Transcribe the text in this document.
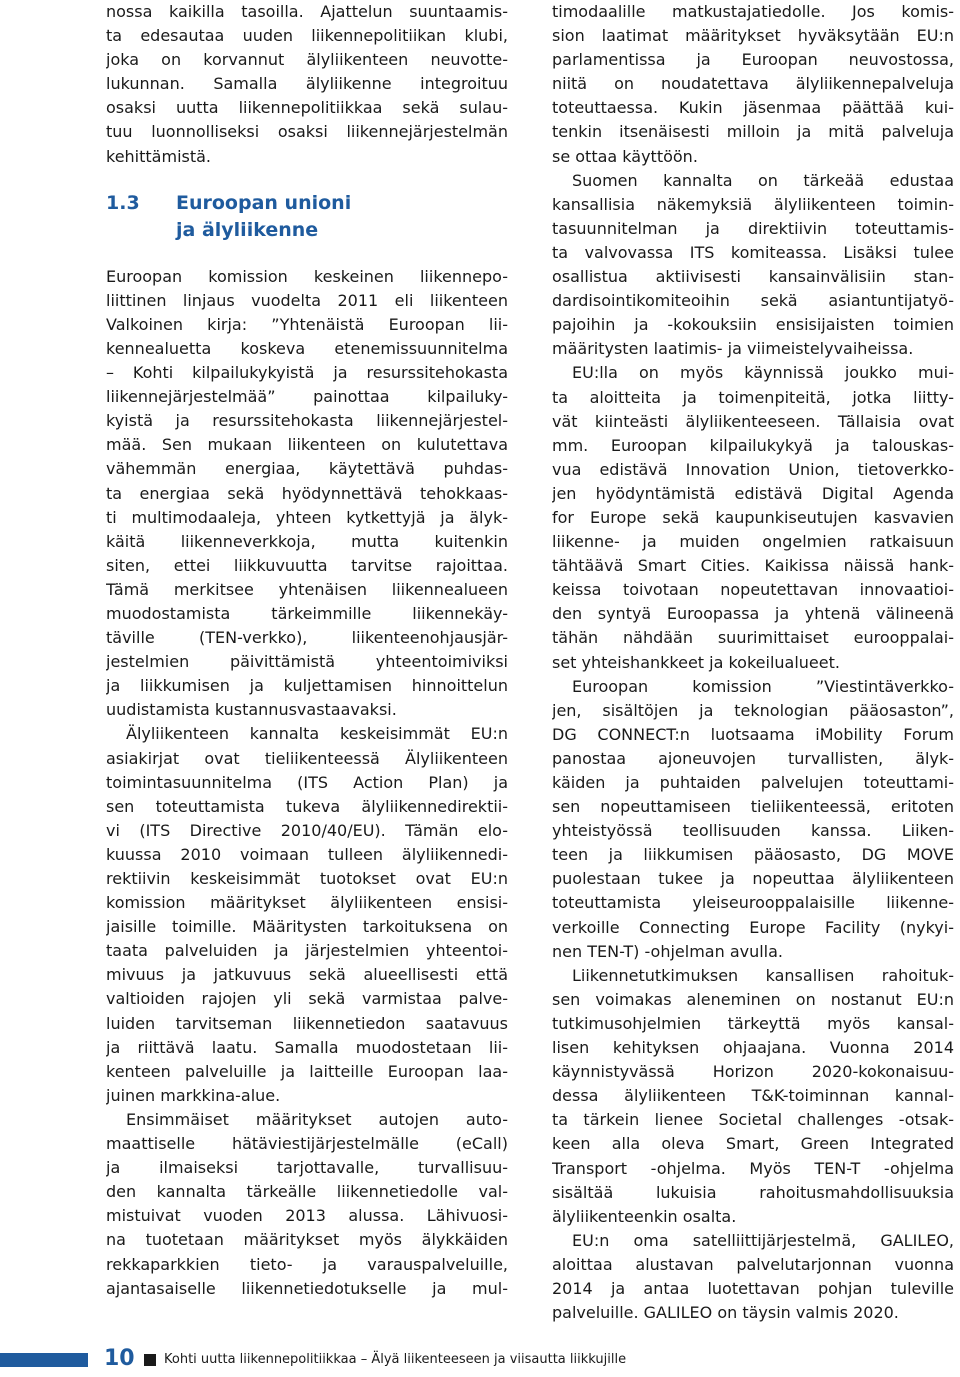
nossa kaikilla tasoilla. Ajattelun suuntaamis-
ta edesautaa uuden liikennepolitiikan klubi,
joka on korvannut älyliikenteen neuvotte-
lukunnan. Samalla älyliikenne integroituu
osaksi uutta liikennepolitiikkaa sekä sulau-
tuu luonnolliseksi osaksi liikennejärjestelmän
kehittämistä.
1.3 Euroopan unioni
ja älyliikenne
Euroopan komission keskeinen liikennepo-
liittinen linjaus vuodelta 2011 eli liikenteen
Valkoinen kirja: ”Yhtenäistä Euroopan lii-
kennealuetta koskeva etenemissuunnitelma
– Kohti kilpailukykyistä ja resurssitehokasta
liikennejärjestelmää” painottaa kilpailuky-
kyistä ja resurssitehokasta liikennejärjestel-
mää. Sen mukaan liikenteen on kulutettava
vähemmän energiaa, käytettävä puhdas-
ta energiaa sekä hyödynnettävä tehokkaas-
ti multimodaaleja, yhteen kytkettyjä ja älyk-
käitä liikenneverkkoja, mutta kuitenkin
siten, ettei liikkuvuutta tarvitse rajoittaa.
Tämä merkitsee yhtenäisen liikennealueen
muodostamista tärkeimmille liikennekäy-
täville (TEN-verkko), liikenteenohjausjär-
jestelmien päivittämistä yhteentoimiviksi
ja liikkumisen ja kuljettamisen hinnoittelun
uudistamista kustannusvastaavaksi.
Älyliikenteen kannalta keskeisimmät EU:n
asiakirjat ovat tieliikenteessä Älyliikenteen
toimintasuunnitelma (ITS Action Plan) ja
sen toteuttamista tukeva älyliikennedirektii-
vi (ITS Directive 2010/40/EU). Tämän elo-
kuussa 2010 voimaan tulleen älyliikennedi-
rektiivin keskeisimmät tuotokset ovat EU:n
komission määritykset älyliikenteen ensisi-
jaisille toimille. Määritysten tarkoituksena on
taata palveluiden ja järjestelmien yhteentoi-
mivuus ja jatkuvuus sekä alueellisesti että
valtioiden rajojen yli sekä varmistaa palve-
luiden tarvitseman liikennetiedon saatavuus
ja riittävä laatu. Samalla muodostetaan lii-
kenteen palveluille ja laitteille Euroopan laa-
juinen markkina-alue.
Ensimmäiset määritykset autojen auto-
maattiselle hätäviestijärjestelmälle (eCall)
ja ilmaiseksi tarjottavalle, turvallisuu-
den kannalta tärkeälle liikennetiedolle val-
mistuivat vuoden 2013 alussa. Lähivuosi-
na tuotetaan määritykset myös älykkäiden
rekkaparkkien tieto- ja varauspalveluille,
ajantasaiselle liikennetiedotukselle ja mul-
timodaalille matkustajatiedolle. Jos komis-
sion laatimat määritykset hyväksytään EU:n
parlamentissa ja Euroopan neuvostossa,
niitä on noudatettava älyliikennepalveluja
toteuttaessa. Kukin jäsenmaa päättää kui-
tenkin itsenäisesti milloin ja mitä palveluja
se ottaa käyttöön.
Suomen kannalta on tärkeää edustaa
kansallisia näkemyksiä älyliikenteen toimin-
tasuunnitelman ja direktiivin toteuttamis-
ta valvovassa ITS komiteassa. Lisäksi tulee
osallistua aktiivisesti kansainvälisiin stan-
dardisointikomiteoihin sekä asiantuntijatyö-
pajoihin ja -kokouksiin ensisijaisten toimien
määritysten laatimis- ja viimeistelyvaiheissa.
EU:lla on myös käynnissä joukko mui-
ta aloitteita ja toimenpiteitä, jotka liitty-
vät kiinteästi älyliikenteeseen. Tällaisia ovat
mm. Euroopan kilpailukykyä ja talouskas-
vua edistävä Innovation Union, tietoverkko-
jen hyödyntämistä edistävä Digital Agenda
for Europe sekä kaupunkiseutujen kasvavien
liikenne- ja muiden ongelmien ratkaisuun
tähtäävä Smart Cities. Kaikissa näissä hank-
keissa toivotaan nopeutettavan innovaatioi-
den syntyä Euroopassa ja yhtenä välineenä
tähän nähdään suurimittaiset eurooppalai-
set yhteishankkeet ja kokeilualueet.
Euroopan komission ”Viestintäverkko-
jen, sisältöjen ja teknologian pääosaston”,
DG CONNECT:n luotsaama iMobility Forum
panostaa ajoneuvojen turvallisten, älyk-
käiden ja puhtaiden palvelujen toteuttami-
sen nopeuttamiseen tieliikenteessä, eritoten
yhteistyössä teollisuuden kanssa. Liiken-
teen ja liikkumisen pääosasto, DG MOVE
puolestaan tukee ja nopeuttaa älyliikenteen
toteuttamista yleiseurooppalaisille liikenne-
verkoille Connecting Europe Facility (nykyi-
nen TEN-T) -ohjelman avulla.
Liikennetutkimuksen kansallisen rahoituk-
sen voimakas aleneminen on nostanut EU:n
tutkimusohjelmien tärkeyttä myös kansal-
lisen kehityksen ohjaajana. Vuonna 2014
käynnistyvässä Horizon 2020-kokonaisuu-
dessa älyliikenteen T&K-toiminnan kannal-
ta tärkein lienee Societal challenges -otsak-
keen alla oleva Smart, Green Integrated
Transport -ohjelma. Myös TEN-T -ohjelma
sisältää lukuisia rahoitusmahdollisuuksia
älyliikenteenkin osalta.
EU:n oma satelliittijärjestelmä, GALILEO,
aloittaa alustavan palvelutarjonnan vuonna
2014 ja antaa luotettavan pohjan tuleville
palveluille. GALILEO on täysin valmis 2020.
10 Kohti uutta liikennepolitiikkaa – Älyä liikenteeseen ja viisautta liikkujille
